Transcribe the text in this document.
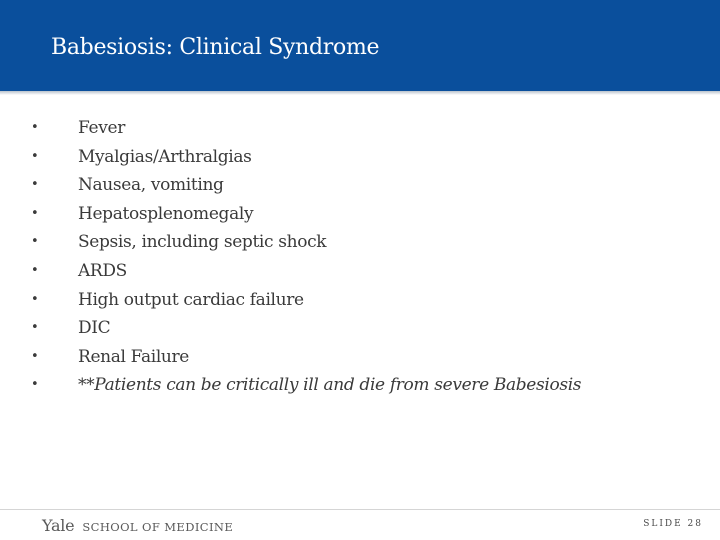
Babesiosis: Clinical Syndrome
• Fever
• Myalgias/Arthralgias
• Nausea, vomiting
• Hepatosplenomegaly
• Sepsis, including septic shock
• ARDS
• High output cardiac failure
• DIC
• Renal Failure
• **Patients can be critically ill and die from severe Babesiosis
Yale SCHOOL OF MEDICINE	SLIDE 28
